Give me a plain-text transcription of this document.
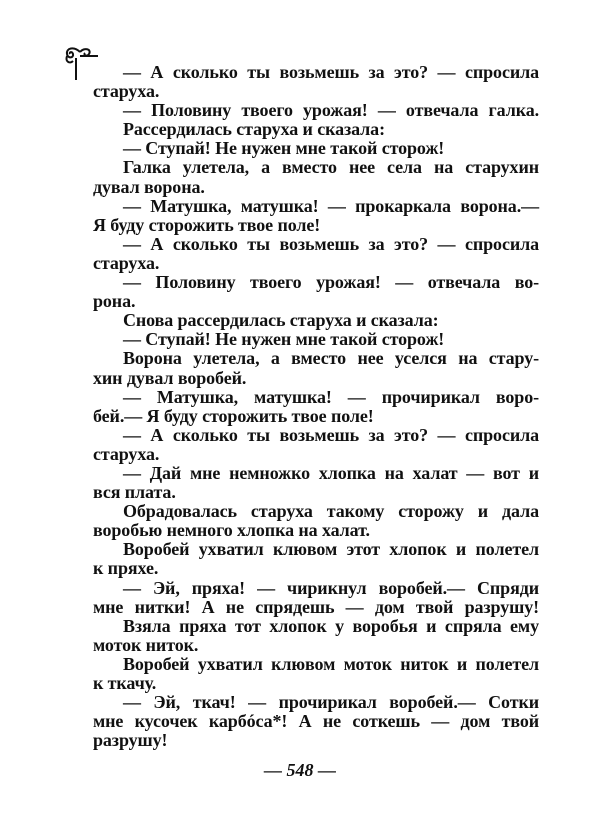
— А сколько ты возьмешь за это? — спросила
старуха.
— Половину твоего урожая! — отвечала галка.
Рассердилась старуха и сказала:
— Ступай! Не нужен мне такой сторож!
Галка улетела, а вместо нее села на старухин
дувал ворона.
— Матушка, матушка! — прокаркала ворона.—
Я буду сторожить твое поле!
— А сколько ты возьмешь за это? — спросила
старуха.
— Половину твоего урожая! — отвечала во-
рона.
Снова рассердилась старуха и сказала:
— Ступай! Не нужен мне такой сторож!
Ворона улетела, а вместо нее уселся на стару-
хин дувал воробей.
— Матушка, матушка! — прочирикал воро-
бей.— Я буду сторожить твое поле!
— А сколько ты возьмешь за это? — спросила
старуха.
— Дай мне немножко хлопка на халат — вот и
вся плата.
Обрадовалась старуха такому сторожу и дала
воробью немного хлопка на халат.
Воробей ухватил клювом этот хлопок и полетел
к пряхе.
— Эй, пряха! — чирикнул воробей.— Спряди
мне нитки! А не спрядешь — дом твой разрушу!
Взяла пряха тот хлопок у воробья и спряла ему
моток ниток.
Воробей ухватил клювом моток ниток и полетел
к ткачу.
— Эй, ткач! — прочирикал воробей.— Сотки
мне кусочек карбóса*! А не соткешь — дом твой
разрушу!
— 548 —
